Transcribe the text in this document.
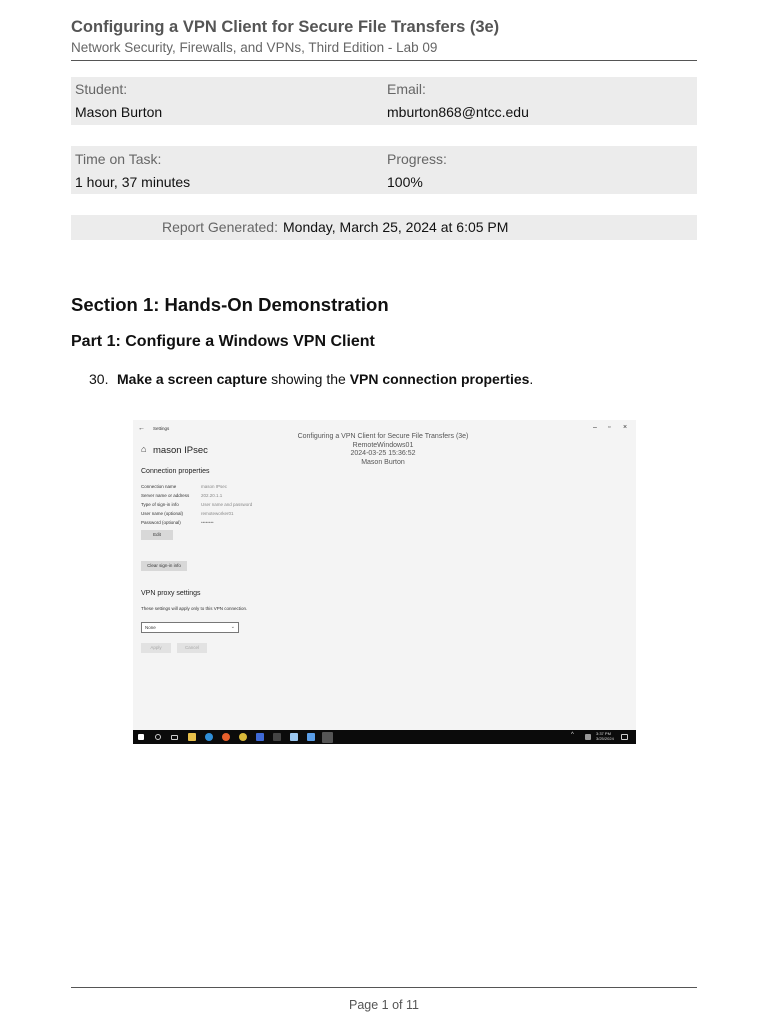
Configuring a VPN Client for Secure File Transfers (3e)
Network Security, Firewalls, and VPNs, Third Edition - Lab 09
Student:
Mason Burton
Email:
mburton868@ntcc.edu
Time on Task:
1 hour, 37 minutes
Progress:
100%
Report Generated: Monday, March 25, 2024 at 6:05 PM
Section 1: Hands-On Demonstration
Part 1: Configure a Windows VPN Client
30. Make a screen capture showing the VPN connection properties.
← Settings	– ▫ ×
⌂ mason IPsec
Configuring a VPN Client for Secure File Transfers (3e)
RemoteWindows01
2024-03-25 15:36:52
Mason Burton
Connection properties
Connection name	mason IPsec
Server name or address	202.20.1.1
Type of sign-in info	User name and password
User name (optional)	remoteworker01
Password (optional)	••••••••
Edit
Clear sign-in info
VPN proxy settings
These settings will apply only to this VPN connection.
None	⌄
Apply	Cancel
^	3:37 PM
3/25/2024
Page 1 of 11
